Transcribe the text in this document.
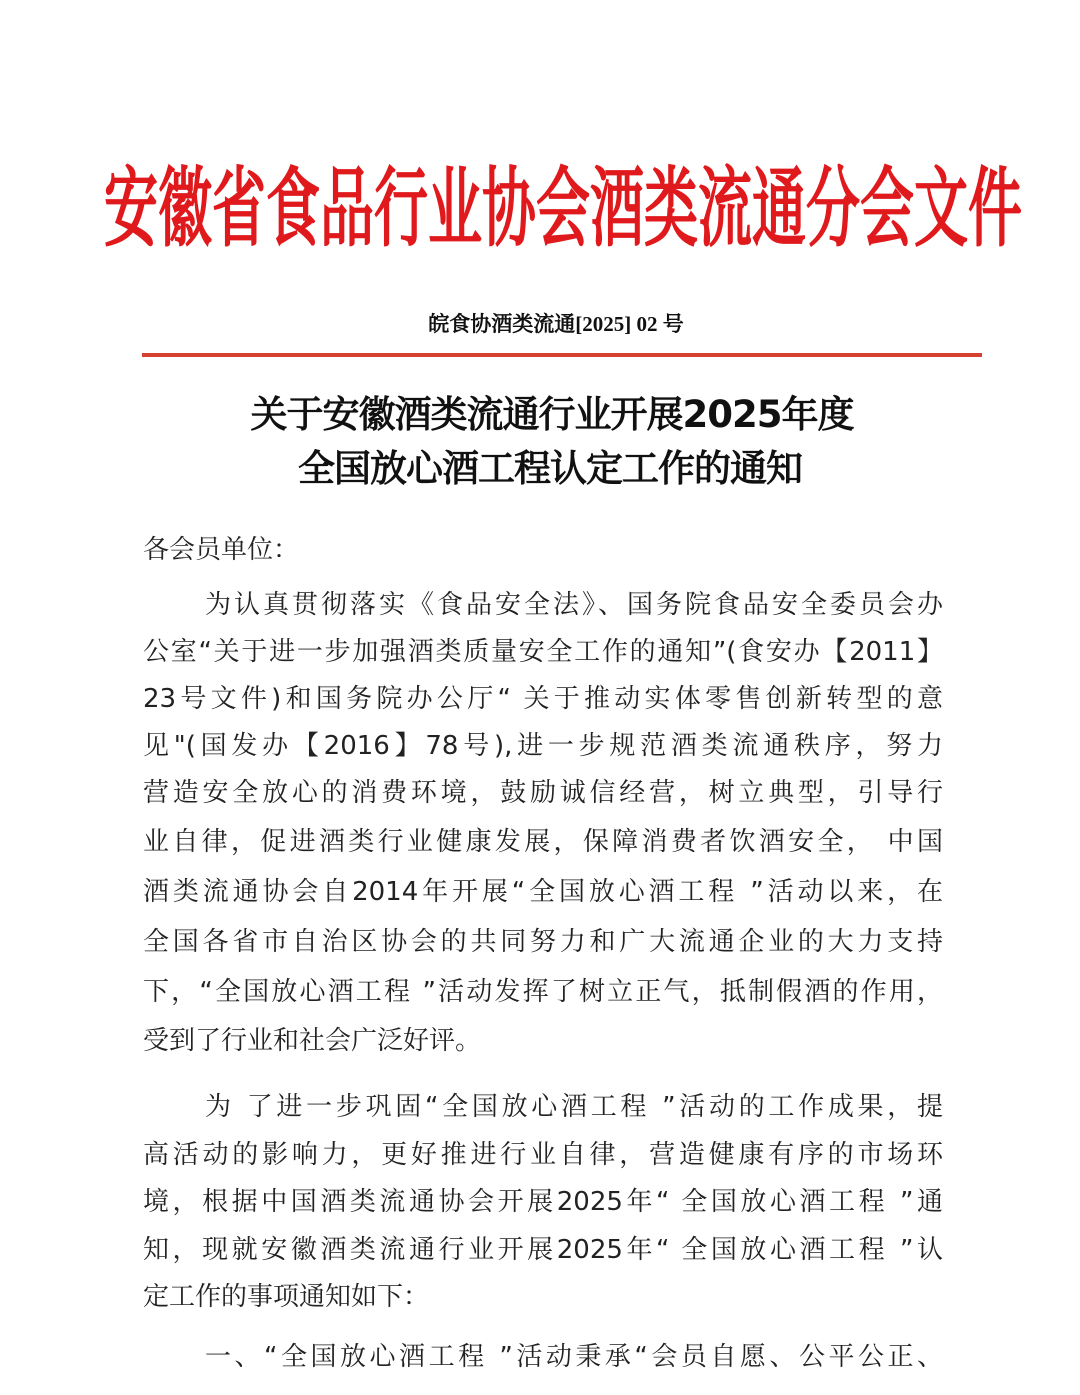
安徽省食品行业协会酒类流通分会文件
皖食协酒类流通[2025] 02 号
关于安徽酒类流通行业开展2025年度
全国放心酒工程认定工作的通知
各会员单位：
为认真贯彻落实《食品安全法》、国务院食品安全委员会办
公室“关于进一步加强酒类质量安全工作的通知”(食安办【2011】
23号文件)和国务院办公厅“ 关于推动实体零售创新转型的意
见"(国发办【2016】78号),进一步规范酒类流通秩序，努力
营造安全放心的消费环境，鼓励诚信经营，树立典型，引导行
业自律，促进酒类行业健康发展，保障消费者饮酒安全， 中国
酒类流通协会自2014年开展“全国放心酒工程 ”活动以来，在
全国各省市自治区协会的共同努力和广大流通企业的大力支持
下，“全国放心酒工程 ”活动发挥了树立正气，抵制假酒的作用，
受到了行业和社会广泛好评。
为 了进一步巩固“全国放心酒工程 ”活动的工作成果，提
高活动的影响力，更好推进行业自律，营造健康有序的市场环
境，根据中国酒类流通协会开展2025年“ 全国放心酒工程 ”通
知，现就安徽酒类流通行业开展2025年“ 全国放心酒工程 ”认
定工作的事项通知如下：
一、“全国放心酒工程 ”活动秉承“会员自愿、公平公正、
